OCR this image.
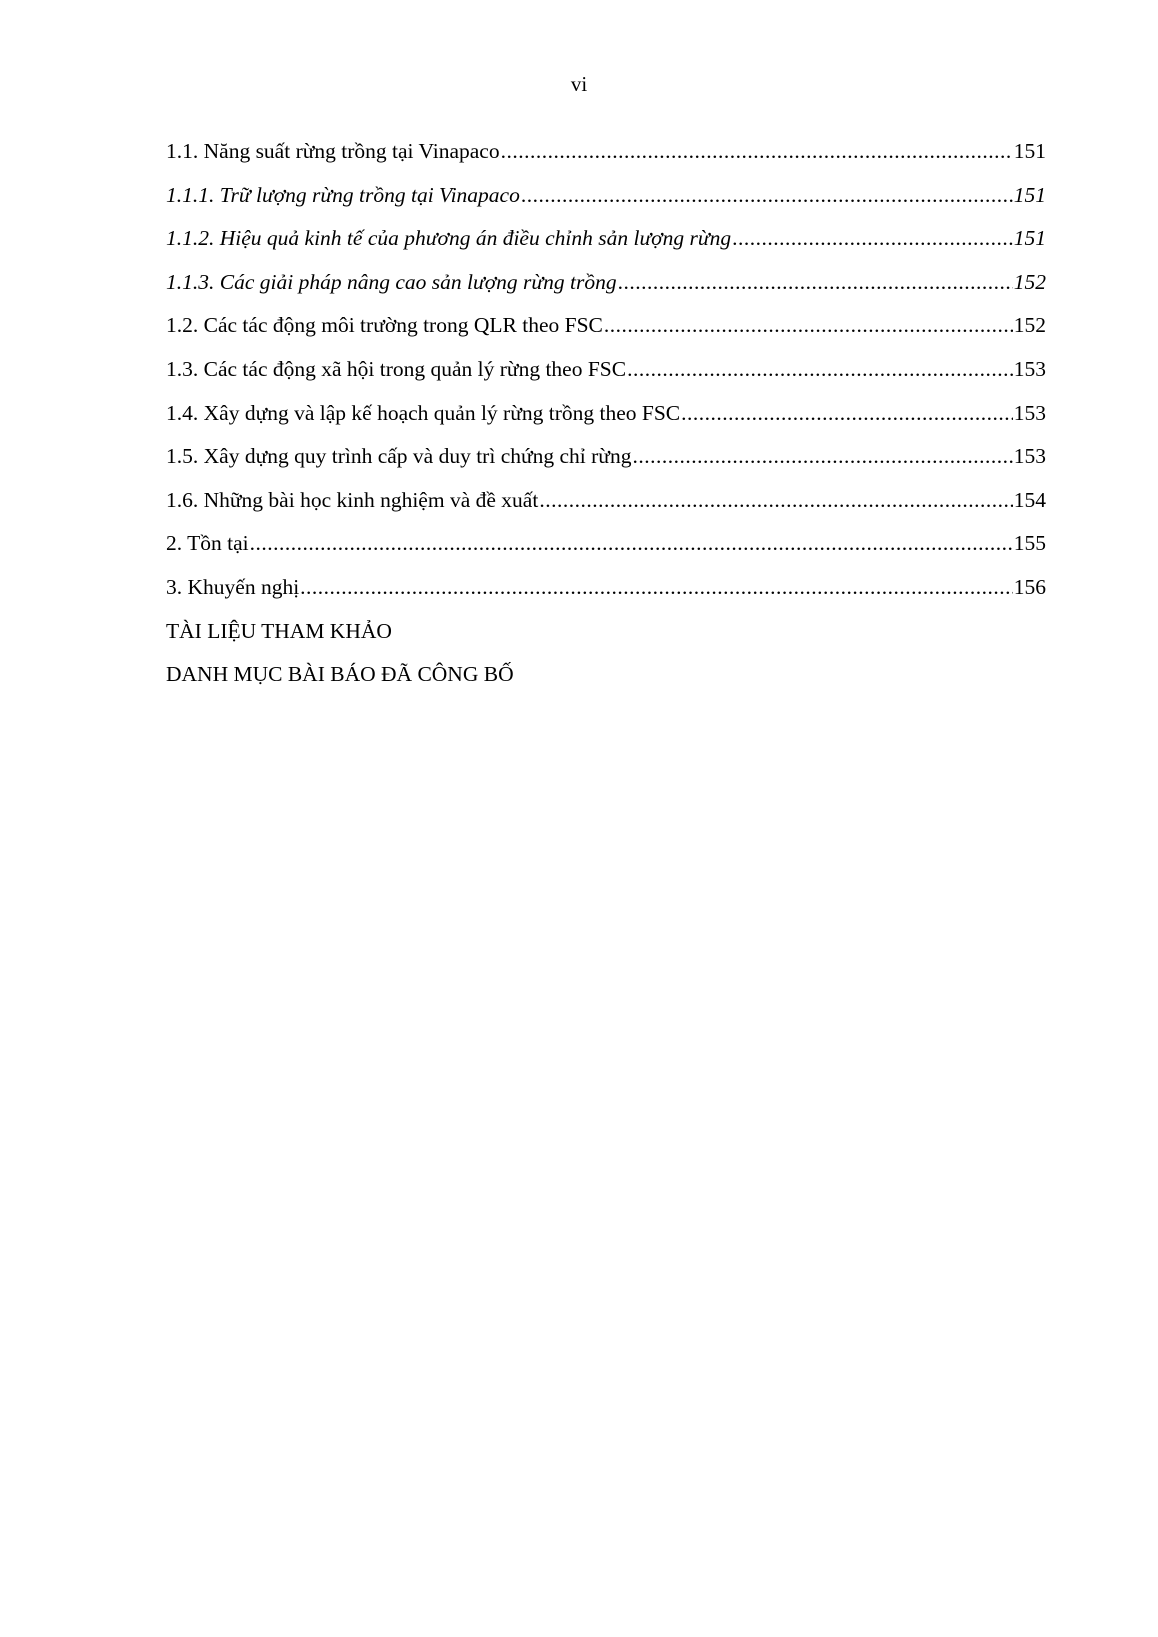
vi
1.1. Năng suất rừng trồng tại Vinapaco .....	151
1.1.1. Trữ lượng rừng trồng tại Vinapaco .....	151
1.1.2. Hiệu quả kinh tế của phương án điều chỉnh sản lượng rừng .....	151
1.1.3. Các giải pháp nâng cao sản lượng rừng trồng .....	152
1.2. Các tác động môi trường trong QLR theo FSC .....	152
1.3. Các tác động xã hội trong quản lý rừng theo FSC .....	153
1.4. Xây dựng và lập kế hoạch quản lý rừng trồng theo FSC .....	153
1.5. Xây dựng quy trình cấp và duy trì chứng chỉ rừng .....	153
1.6. Những bài học kinh nghiệm và đề xuất .....	154
2. Tồn tại .....	155
3. Khuyến nghị .....	156
TÀI LIỆU THAM KHẢO
DANH MỤC BÀI BÁO ĐÃ CÔNG BỐ
